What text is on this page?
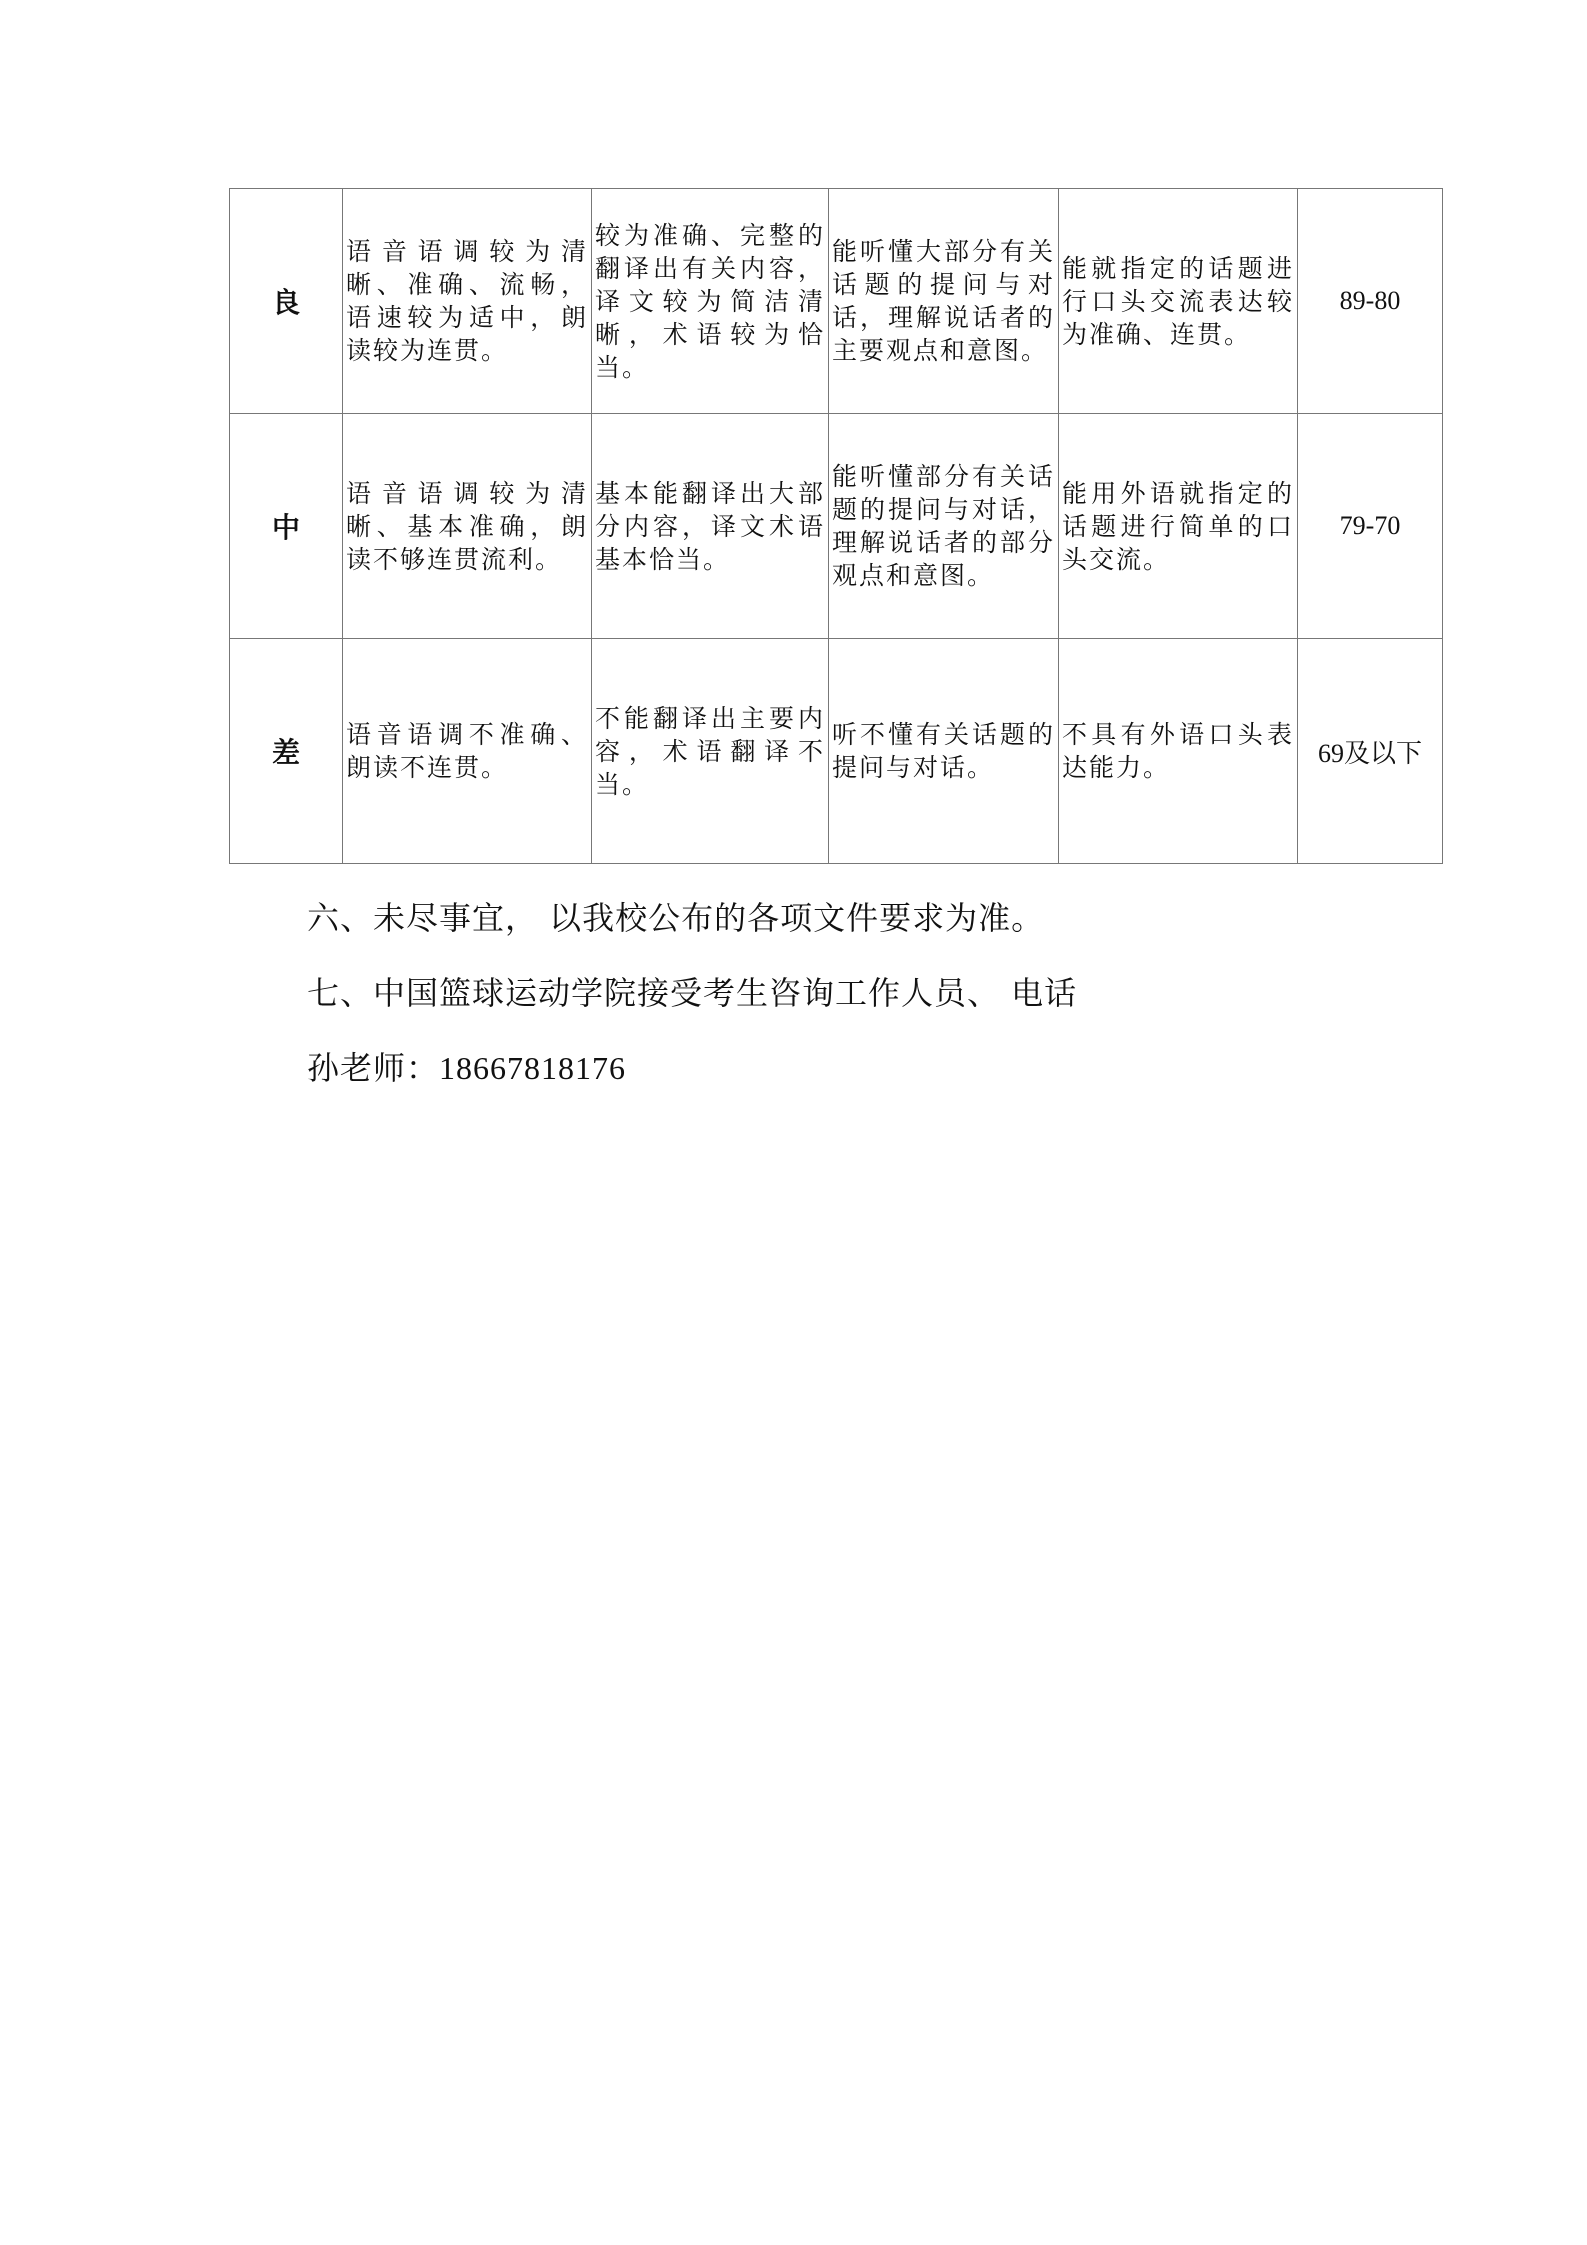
良	语音语调较为清晰、准确、流畅，语速较为适中，朗读较为连贯。	较为准确、完整的翻译出有关内容，译文较为简洁清晰，术语较为恰当。	能听懂大部分有关话题的提问与对话，理解说话者的主要观点和意图。	能就指定的话题进行口头交流表达较为准确、连贯。	89-80
中	语音语调较为清晰、基本准确，朗读不够连贯流利。	基本能翻译出大部分内容，译文术语基本恰当。	能听懂部分有关话题的提问与对话，理解说话者的部分观点和意图。	能用外语就指定的话题进行简单的口头交流。	79-70
差	语音语调不准确、朗读不连贯。	不能翻译出主要内容，术语翻译不当。	听不懂有关话题的提问与对话。	不具有外语口头表达能力。	69及以下
六、未尽事宜， 以我校公布的各项文件要求为准。
七、中国篮球运动学院接受考生咨询工作人员、 电话
孙老师：18667818176
